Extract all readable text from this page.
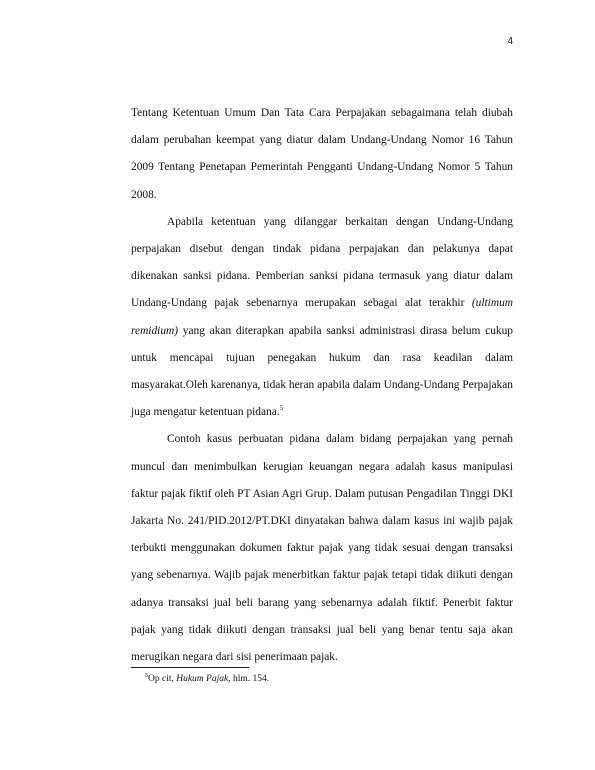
4

Tentang Ketentuan Umum Dan Tata Cara Perpajakan sebagaimana telah diubah dalam perubahan keempat yang diatur dalam Undang-Undang Nomor 16 Tahun 2009 Tentang Penetapan Pemerintah Pengganti Undang-Undang Nomor 5 Tahun 2008.

Apabila ketentuan yang dilanggar berkaitan dengan Undang-Undang perpajakan disebut dengan tindak pidana perpajakan dan pelakunya dapat dikenakan sanksi pidana. Pemberian sanksi pidana termasuk yang diatur dalam Undang-Undang pajak sebenarnya merupakan sebagai alat terakhir (ultimum remidium) yang akan diterapkan apabila sanksi administrasi dirasa belum cukup untuk mencapai tujuan penegakan hukum dan rasa keadilan dalam masyarakat.Oleh karenanya, tidak heran apabila dalam Undang-Undang Perpajakan juga mengatur ketentuan pidana.$^5$

Contoh kasus perbuatan pidana dalam bidang perpajakan yang pernah muncul dan menimbulkan kerugian keuangan negara adalah kasus manipulasi faktur pajak fiktif oleh PT Asian Agri Grup. Dalam putusan Pengadilan Tinggi DKI Jakarta No. 241/PID.2012/PT.DKI dinyatakan bahwa dalam kasus ini wajib pajak terbukti menggunakan dokumen faktur pajak yang tidak sesuai dengan transaksi yang sebenarnya. Wajib pajak menerbitkan faktur pajak tetapi tidak diikuti dengan adanya transaksi jual beli barang yang sebenarnya adalah fiktif. Penerbit faktur pajak yang tidak diikuti dengan transaksi jual beli yang benar tentu saja akan merugikan negara dari sisi penerimaan pajak.

$^5$Op cit, Hukum Pajak, hlm. 154.
